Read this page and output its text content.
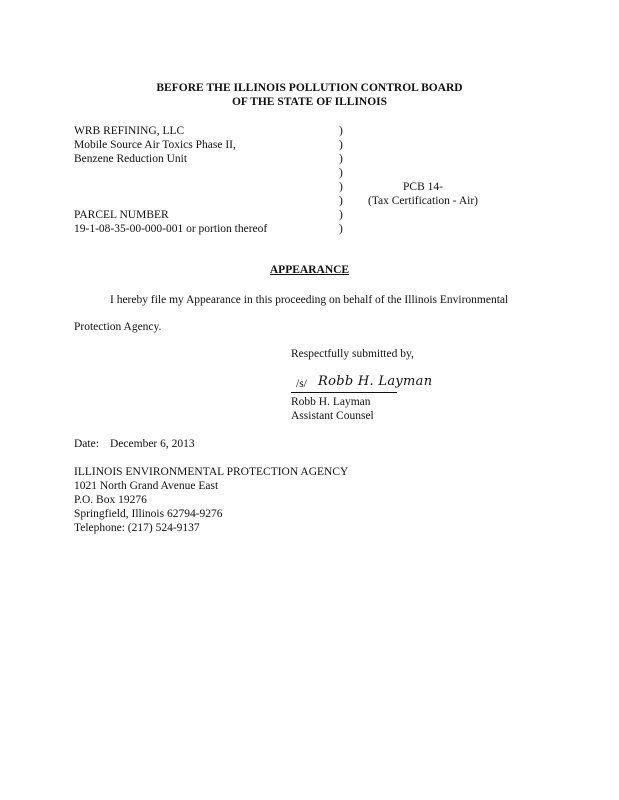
BEFORE THE ILLINOIS POLLUTION CONTROL BOARD
OF THE STATE OF ILLINOIS
WRB REFINING, LLC
Mobile Source Air Toxics Phase II,
Benzene Reduction Unit
PARCEL NUMBER
19-1-08-35-00-000-001 or portion thereof
)
)
)
)
)
)
)
)
PCB 14-
(Tax Certification - Air)
APPEARANCE
I hereby file my Appearance in this proceeding on behalf of the Illinois Environmental
Protection Agency.
Respectfully submitted by,
/s/ Robb H. Layman
Robb H. Layman
Assistant Counsel
Date: December 6, 2013
ILLINOIS ENVIRONMENTAL PROTECTION AGENCY
1021 North Grand Avenue East
P.O. Box 19276
Springfield, Illinois 62794-9276
Telephone: (217) 524-9137
